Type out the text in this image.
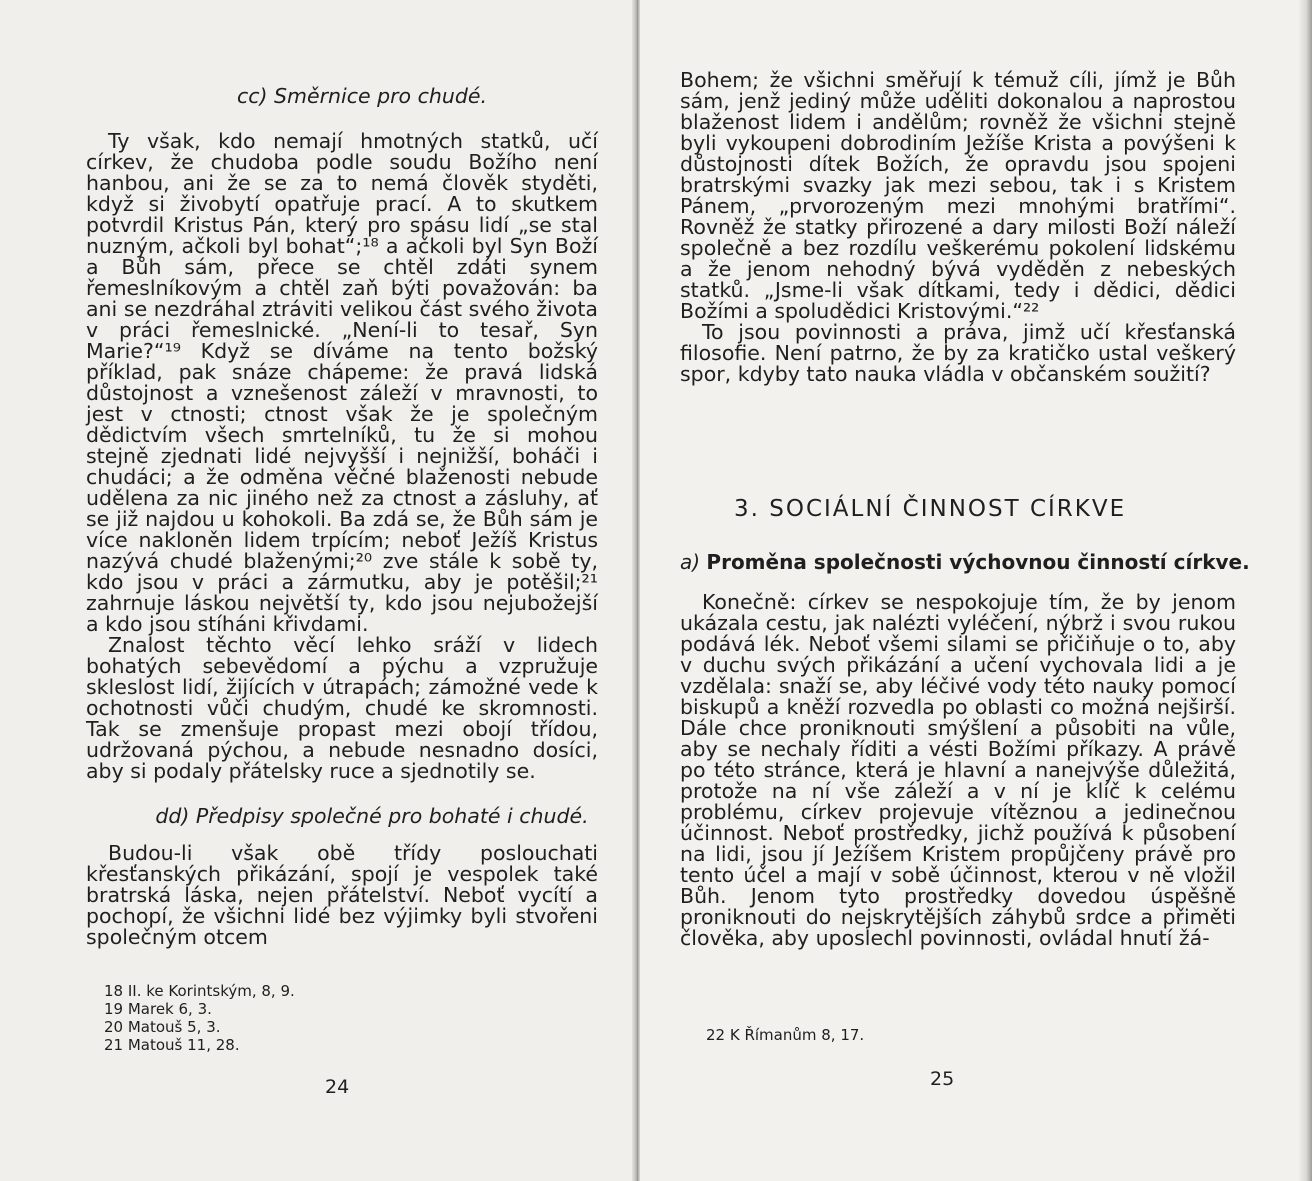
cc) Směrnice pro chudé.

Ty však, kdo nemají hmotných statků, učí církev, že chudoba podle soudu Božího není hanbou, ani že se za to nemá člověk styděti, když si živobytí opatřuje prací. A to skutkem potvrdil Kristus Pán, který pro spásu lidí „se stal nuzným, ačkoli byl bohat“;¹⁸ a ačkoli byl Syn Boží a Bůh sám, přece se chtěl zdáti synem řemeslníkovým a chtěl zaň býti považován: ba ani se nezdráhal ztráviti velikou část svého života v práci řemeslnické. „Není-li to tesař, Syn Marie?“¹⁹ Když se díváme na tento božský příklad, pak snáze chápeme: že pravá lidská důstojnost a vznešenost záleží v mravnosti, to jest v ctnosti; ctnost však že je společným dědictvím všech smrtelníků, tu že si mohou stejně zjednati lidé nejvyšší i nejnižší, boháči i chudáci; a že odměna věčné blaženosti nebude udělena za nic jiného než za ctnost a zásluhy, ať se již najdou u kohokoli. Ba zdá se, že Bůh sám je více nakloněn lidem trpícím; neboť Ježíš Kristus nazývá chudé blaženými;²⁰ zve stále k sobě ty, kdo jsou v práci a zármutku, aby je potěšil;²¹ zahrnuje láskou největší ty, kdo jsou nejubožejší a kdo jsou stíháni křivdami.

Znalost těchto věcí lehko sráží v lidech bohatých sebevědomí a pýchu a vzpružuje skleslost lidí, žijících v útrapách; zámožné vede k ochotnosti vůči chudým, chudé ke skromnosti. Tak se zmenšuje propast mezi obojí třídou, udržovaná pýchou, a nebude nesnadno dosíci, aby si podaly přátelsky ruce a sjednotily se.

dd) Předpisy společné pro bohaté i chudé.

Budou-li však obě třídy poslouchati křesťanských přikázání, spojí je vespolek také bratrská láska, nejen přátelství. Neboť vycítí a pochopí, že všichni lidé bez výjimky byli stvořeni společným otcem

18 II. ke Korintským, 8, 9.
19 Marek 6, 3.
20 Matouš 5, 3.
21 Matouš 11, 28.
24

Bohem; že všichni směřují k témuž cíli, jímž je Bůh sám, jenž jediný může uděliti dokonalou a naprostou blaženost lidem i andělům; rovněž že všichni stejně byli vykoupeni dobrodiním Ježíše Krista a povýšeni k důstojnosti dítek Božích, že opravdu jsou spojeni bratrskými svazky jak mezi sebou, tak i s Kristem Pánem, „prvorozeným mezi mnohými bratřími“. Rovněž že statky přirozené a dary milosti Boží náleží společně a bez rozdílu veškerému pokolení lidskému a že jenom nehodný bývá vyděděn z nebeských statků. „Jsme-li však dítkami, tedy i dědici, dědici Božími a spoludědici Kristovými.“²²

To jsou povinnosti a práva, jimž učí křesťanská filosofie. Není patrno, že by za kratičko ustal veškerý spor, kdyby tato nauka vládla v občanském soužití?

3. SOCIÁLNÍ ČINNOST CÍRKVE
a) Proměna společnosti výchovnou činností církve.

Konečně: církev se nespokojuje tím, že by jenom ukázala cestu, jak nalézti vyléčení, nýbrž i svou rukou podává lék. Neboť všemi silami se přičiňuje o to, aby v duchu svých přikázání a učení vychovala lidi a je vzdělala: snaží se, aby léčivé vody této nauky pomocí biskupů a kněží rozvedla po oblasti co možná nejširší. Dále chce proniknouti smýšlení a působiti na vůle, aby se nechaly říditi a vésti Božími příkazy. A právě po této stránce, která je hlavní a nanejvýše důležitá, protože na ní vše záleží a v ní je klíč k celému problému, církev projevuje vítěznou a jedinečnou účinnost. Neboť prostředky, jichž používá k působení na lidi, jsou jí Ježíšem Kristem propůjčeny právě pro tento účel a mají v sobě účinnost, kterou v ně vložil Bůh. Jenom tyto prostředky dovedou úspěšně proniknouti do nejskrytějších záhybů srdce a přiměti člověka, aby uposlechl povinnosti, ovládal hnutí žá-

22 K Římanům 8, 17.
25
